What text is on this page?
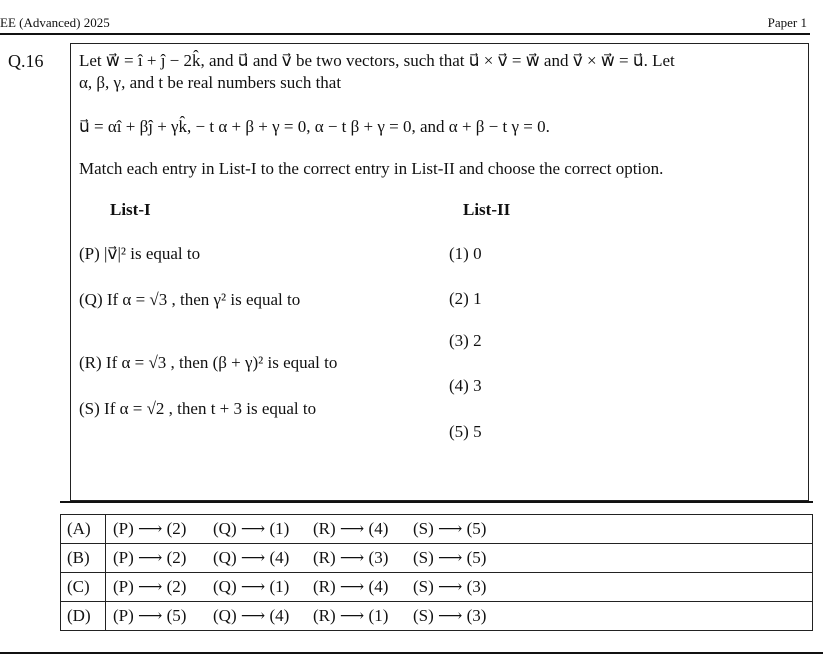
EE (Advanced) 2025	Paper 1
Q.16 Let w⃗ = î + ĵ − 2k̂, and u⃗ and v⃗ be two vectors, such that u⃗ × v⃗ = w⃗ and v⃗ × w⃗ = u⃗. Let
α, β, γ, and t be real numbers such that
u⃗ = αî + βĵ + γk̂, − t α + β + γ = 0, α − t β + γ = 0, and α + β − t γ = 0.
Match each entry in List-I to the correct entry in List-II and choose the correct option.
List-I	List-II
(P) |v⃗|² is equal to
(Q) If α = √3 , then γ² is equal to
(R) If α = √3 , then (β + γ)² is equal to
(S) If α = √2 , then t + 3 is equal to
(1) 0
(2) 1
(3) 2
(4) 3
(5) 5
(A)	(P) ⟶ (2) (Q) ⟶ (1) (R) ⟶ (4) (S) ⟶ (5)
(B)	(P) ⟶ (2) (Q) ⟶ (4) (R) ⟶ (3) (S) ⟶ (5)
(C)	(P) ⟶ (2) (Q) ⟶ (1) (R) ⟶ (4) (S) ⟶ (3)
(D)	(P) ⟶ (5) (Q) ⟶ (4) (R) ⟶ (1) (S) ⟶ (3)
